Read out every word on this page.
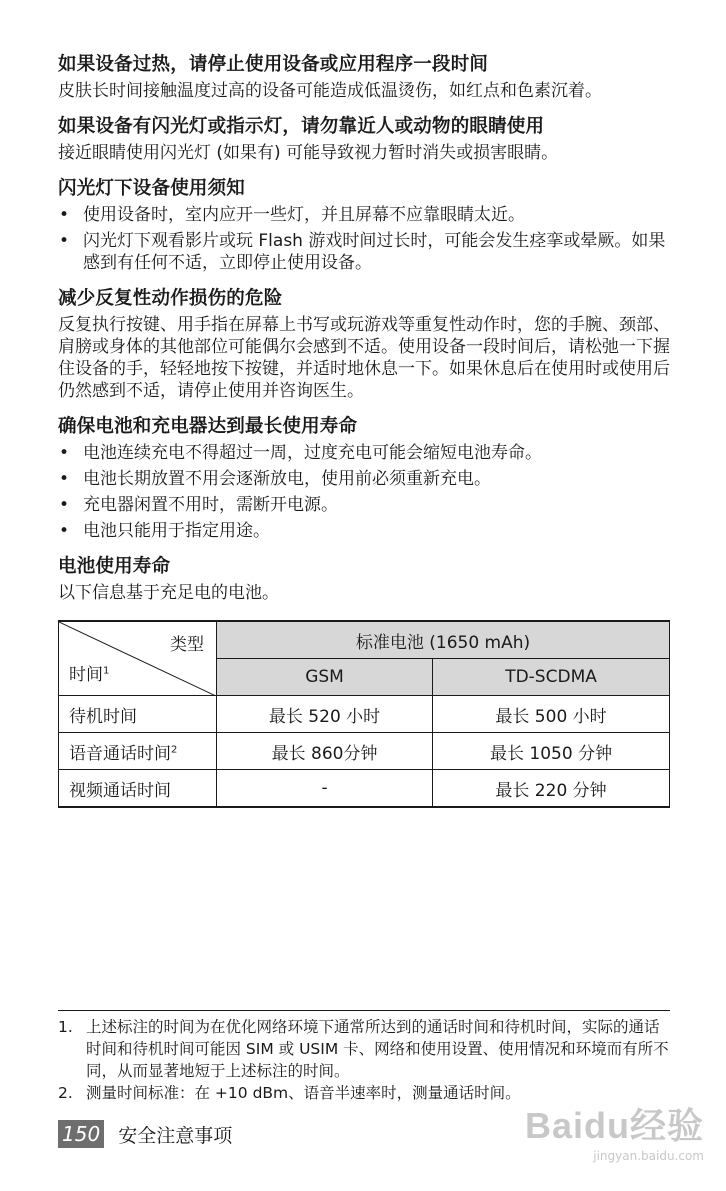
如果设备过热，请停止使用设备或应用程序一段时间

皮肤长时间接触温度过高的设备可能造成低温烫伤，如红点和色素沉着。

如果设备有闪光灯或指示灯，请勿靠近人或动物的眼睛使用

接近眼睛使用闪光灯 (如果有) 可能导致视力暂时消失或损害眼睛。

闪光灯下设备使用须知
• 使用设备时，室内应开一些灯，并且屏幕不应靠眼睛太近。
• 闪光灯下观看影片或玩 Flash 游戏时间过长时，可能会发生痉挛或晕厥。如果感到有任何不适，立即停止使用设备。
减少反复性动作损伤的危险

反复执行按键、用手指在屏幕上书写或玩游戏等重复性动作时，您的手腕、颈部、肩膀或身体的其他部位可能偶尔会感到不适。使用设备一段时间后，请松弛一下握住设备的手，轻轻地按下按键，并适时地休息一下。如果休息后在使用时或使用后仍然感到不适，请停止使用并咨询医生。

确保电池和充电器达到最长使用寿命
• 电池连续充电不得超过一周，过度充电可能会缩短电池寿命。
• 电池长期放置不用会逐渐放电，使用前必须重新充电。
• 充电器闲置不用时，需断开电源。
• 电池只能用于指定用途。
电池使用寿命

以下信息基于充足电的电池。

类型
时间$^1$	标准电池 (1650 mAh)	
	GSM	TD-SCDMA
待机时间	最长 520 小时	最长 500 小时
语音通话时间$^2$	最长 860分钟	最长 1050 分钟
视频通话时间	-	最长 220 分钟
1. 上述标注的时间为在优化网络环境下通常所达到的通话时间和待机时间，实际的通话时间和待机时间可能因 SIM 或 USIM 卡、网络和使用设置、使用情况和环境而有所不同，从而显著地短于上述标注的时间。
2. 测量时间标准：在 +10 dBm、语音半速率时，测量通话时间。
150 安全注意事项	Baidu经验
jingyan.baidu.com
